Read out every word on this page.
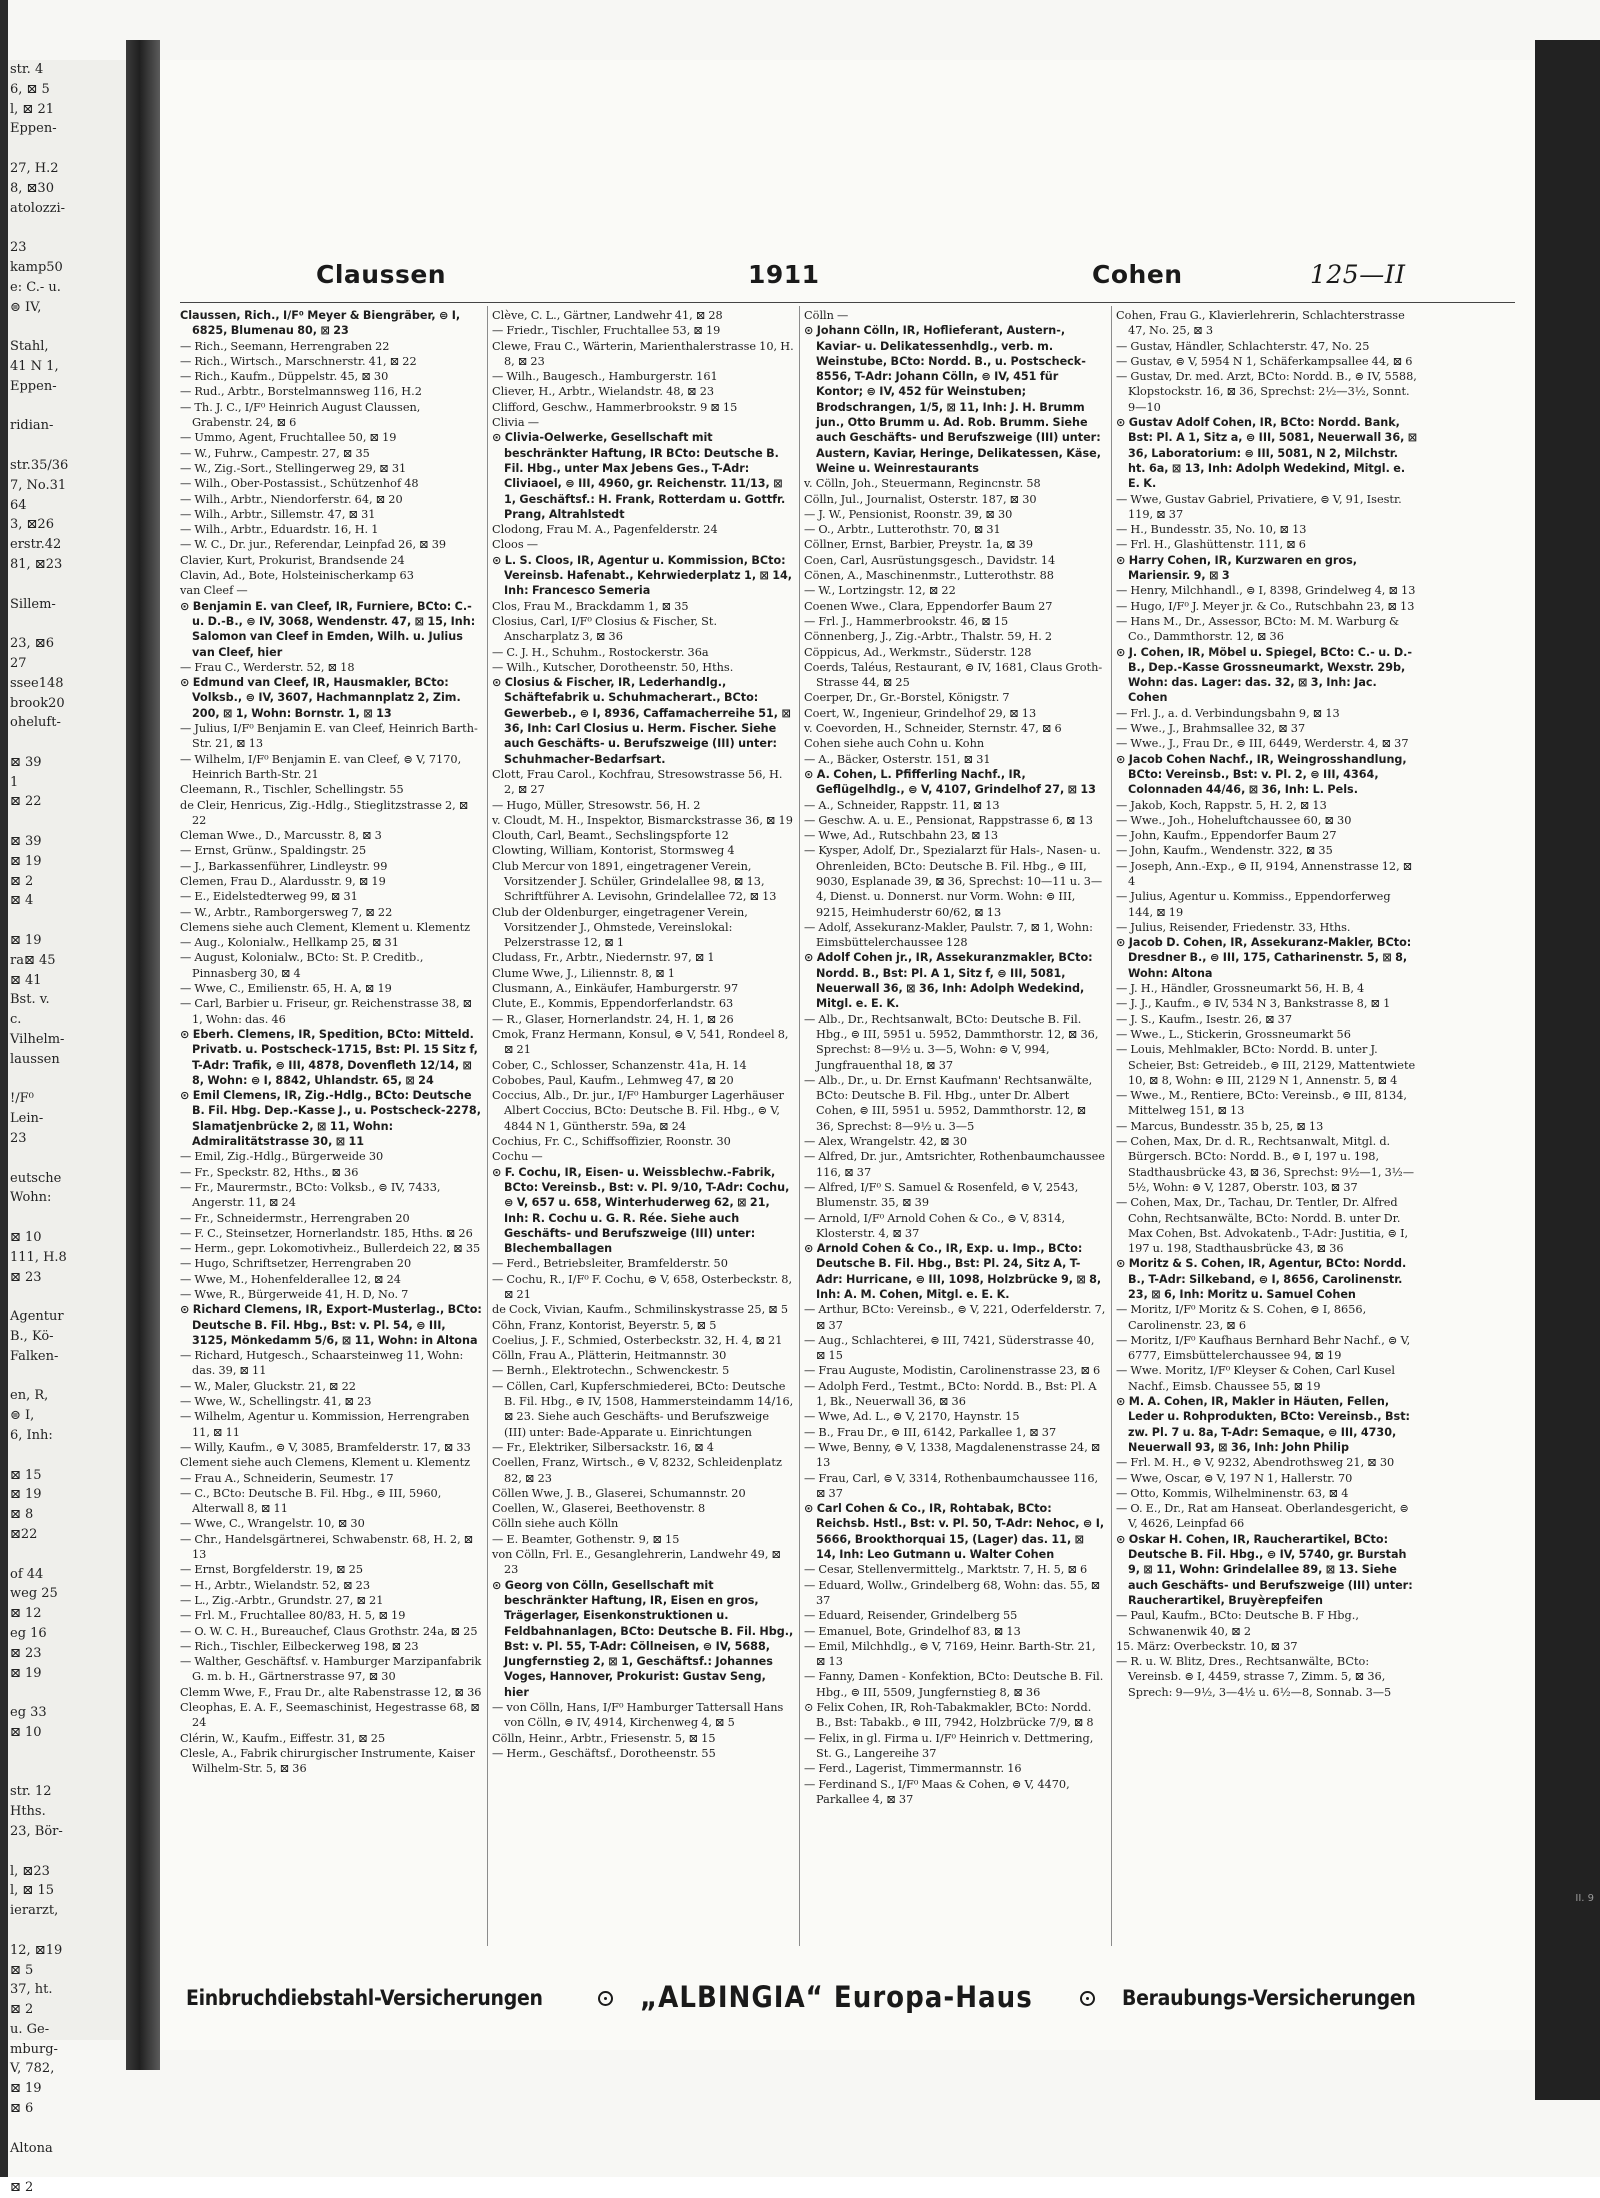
str. 4
6, ⊠ 5
l, ⊠ 21
Eppen-

27, H.2
8, ⊠30
atolozzi-

23
kamp50
e: C.- u.
⊜ IV,

Stahl,
41 N 1,
Eppen-

ridian-

str.35/36
7, No.31
64
3, ⊠26
erstr.42
81, ⊠23

Sillem-

23, ⊠6
27
ssee148
brook20
oheluft-

⊠ 39
1
⊠ 22

⊠ 39
⊠ 19
⊠ 2
⊠ 4

⊠ 19
ra⊠ 45
⊠ 41
Bst. v.
c.
Vilhelm-
laussen

!/F⁰
Lein-
23

eutsche
Wohn:

⊠ 10
111, H.8
⊠ 23

Agentur
B., Kö-
Falken-

en, R,
⊜ I,
6, Inh:

⊠ 15
⊠ 19
⊠ 8
⊠22

of 44
weg 25
⊠ 12
eg 16
⊠ 23
⊠ 19

eg 33
⊠ 10

str. 12
Hths.
23, Bör-

l, ⊠23
l, ⊠ 15
ierarzt,

12, ⊠19
⊠ 5
37, ht.
⊠ 2
u. Ge-
mburg-
V, 782,
⊠ 19
⊠ 6

Altona

⊠ 2
Claussen	1911	Cohen	125—II

Claussen, Rich., I/F⁰ Meyer & Biengräber, ⊜ I, 6825, Blumenau 80, ⊠ 23

— Rich., Seemann, Herrengraben 22

— Rich., Wirtsch., Marschnerstr. 41, ⊠ 22

— Rich., Kaufm., Düppelstr. 45, ⊠ 30

— Rud., Arbtr., Borstelmannsweg 116, H.2

— Th. J. C., I/F⁰ Heinrich August Claussen, Grabenstr. 24, ⊠ 6

— Ummo, Agent, Fruchtallee 50, ⊠ 19

— W., Fuhrw., Campestr. 27, ⊠ 35

— W., Zig.-Sort., Stellingerweg 29, ⊠ 31

— Wilh., Ober-Postassist., Schützenhof 48

— Wilh., Arbtr., Niendorferstr. 64, ⊠ 20

— Wilh., Arbtr., Sillemstr. 47, ⊠ 31

— Wilh., Arbtr., Eduardstr. 16, H. 1

— W. C., Dr. jur., Referendar, Leinpfad 26, ⊠ 39

Clavier, Kurt, Prokurist, Brandsende 24

Clavin, Ad., Bote, Holsteinischerkamp 63

van Cleef —

⊙ Benjamin E. van Cleef, IR, Furniere, BCto: C.- u. D.-B., ⊜ IV, 3068, Wendenstr. 47, ⊠ 15, Inh: Salomon van Cleef in Emden, Wilh. u. Julius van Cleef, hier

— Frau C., Werderstr. 52, ⊠ 18

⊙ Edmund van Cleef, IR, Hausmakler, BCto: Volksb., ⊜ IV, 3607, Hachmannplatz 2, Zim. 200, ⊠ 1, Wohn: Bornstr. 1, ⊠ 13

— Julius, I/F⁰ Benjamin E. van Cleef, Heinrich Barth-Str. 21, ⊠ 13

— Wilhelm, I/F⁰ Benjamin E. van Cleef, ⊜ V, 7170, Heinrich Barth-Str. 21

Cleemann, R., Tischler, Schellingstr. 55

de Cleir, Henricus, Zig.-Hdlg., Stieglitzstrasse 2, ⊠ 22

Cleman Wwe., D., Marcusstr. 8, ⊠ 3

— Ernst, Grünw., Spaldingstr. 25

— J., Barkassenführer, Lindleystr. 99

Clemen, Frau D., Alardusstr. 9, ⊠ 19

— E., Eidelstedterweg 99, ⊠ 31

— W., Arbtr., Ramborgersweg 7, ⊠ 22

Clemens siehe auch Clement, Klement u. Klementz

— Aug., Kolonialw., Hellkamp 25, ⊠ 31

— August, Kolonialw., BCto: St. P. Creditb., Pinnasberg 30, ⊠ 4

— Wwe, C., Emilienstr. 65, H. A, ⊠ 19

— Carl, Barbier u. Friseur, gr. Reichenstrasse 38, ⊠ 1, Wohn: das. 46

⊙ Eberh. Clemens, IR, Spedition, BCto: Mitteld. Privatb. u. Postscheck-1715, Bst: Pl. 15 Sitz f, T-Adr: Trafik, ⊜ III, 4878, Dovenfleth 12/14, ⊠ 8, Wohn: ⊜ I, 8842, Uhlandstr. 65, ⊠ 24

⊙ Emil Clemens, IR, Zig.-Hdlg., BCto: Deutsche B. Fil. Hbg. Dep.-Kasse J., u. Postscheck-2278, Slamatjenbrücke 2, ⊠ 11, Wohn: Admiralitätstrasse 30, ⊠ 11

— Emil, Zig.-Hdlg., Bürgerweide 30

— Fr., Speckstr. 82, Hths., ⊠ 36

— Fr., Maurermstr., BCto: Volksb., ⊜ IV, 7433, Angerstr. 11, ⊠ 24

— Fr., Schneidermstr., Herrengraben 20

— F. C., Steinsetzer, Hornerlandstr. 185, Hths. ⊠ 26

— Herm., gepr. Lokomotivheiz., Bullerdeich 22, ⊠ 35

— Hugo, Schriftsetzer, Herrengraben 20

— Wwe, M., Hohenfelderallee 12, ⊠ 24

— Wwe, R., Bürgerweide 41, H. D, No. 7

⊙ Richard Clemens, IR, Export-Musterlag., BCto: Deutsche B. Fil. Hbg., Bst: v. Pl. 54, ⊜ III, 3125, Mönkedamm 5/6, ⊠ 11, Wohn: in Altona

— Richard, Hutgesch., Schaarsteinweg 11, Wohn: das. 39, ⊠ 11

— W., Maler, Gluckstr. 21, ⊠ 22

— Wwe, W., Schellingstr. 41, ⊠ 23

— Wilhelm, Agentur u. Kommission, Herrengraben 11, ⊠ 11

— Willy, Kaufm., ⊜ V, 3085, Bramfelderstr. 17, ⊠ 33

Clement siehe auch Clemens, Klement u. Klementz

— Frau A., Schneiderin, Seumestr. 17

— C., BCto: Deutsche B. Fil. Hbg., ⊜ III, 5960, Alterwall 8, ⊠ 11

— Wwe, C., Wrangelstr. 10, ⊠ 30

— Chr., Handelsgärtnerei, Schwabenstr. 68, H. 2, ⊠ 13

— Ernst, Borgfelderstr. 19, ⊠ 25

— H., Arbtr., Wielandstr. 52, ⊠ 23

— L., Zig.-Arbtr., Grundstr. 27, ⊠ 21

— Frl. M., Fruchtallee 80/83, H. 5, ⊠ 19

— O. W. C. H., Bureauchef, Claus Grothstr. 24a, ⊠ 25

— Rich., Tischler, Eilbeckerweg 198, ⊠ 23

— Walther, Geschäftsf. v. Hamburger Marzipanfabrik G. m. b. H., Gärtnerstrasse 97, ⊠ 30

Clemm Wwe, F., Frau Dr., alte Rabenstrasse 12, ⊠ 36

Cleophas, E. A. F., Seemaschinist, Hegestrasse 68, ⊠ 24

Clérin, W., Kaufm., Eiffestr. 31, ⊠ 25

Clesle, A., Fabrik chirurgischer Instrumente, Kaiser Wilhelm-Str. 5, ⊠ 36

Clève, C. L., Gärtner, Landwehr 41, ⊠ 28

— Friedr., Tischler, Fruchtallee 53, ⊠ 19

Clewe, Frau C., Wärterin, Marienthalerstrasse 10, H. 8, ⊠ 23

— Wilh., Baugesch., Hamburgerstr. 161

Cliever, H., Arbtr., Wielandstr. 48, ⊠ 23

Clifford, Geschw., Hammerbrookstr. 9 ⊠ 15

Clivia —

⊙ Clivia-Oelwerke, Gesellschaft mit beschränkter Haftung, IR BCto: Deutsche B. Fil. Hbg., unter Max Jebens Ges., T-Adr: Cliviaoel, ⊜ III, 4960, gr. Reichenstr. 11/13, ⊠ 1, Geschäftsf.: H. Frank, Rotterdam u. Gottfr. Prang, Altrahlstedt

Clodong, Frau M. A., Pagenfelderstr. 24

Cloos —

⊙ L. S. Cloos, IR, Agentur u. Kommission, BCto: Vereinsb. Hafenabt., Kehrwiederplatz 1, ⊠ 14, Inh: Francesco Semeria

Clos, Frau M., Brackdamm 1, ⊠ 35

Closius, Carl, I/F⁰ Closius & Fischer, St. Anscharplatz 3, ⊠ 36

— C. J. H., Schuhm., Rostockerstr. 36a

— Wilh., Kutscher, Dorotheenstr. 50, Hths.

⊙ Closius & Fischer, IR, Lederhandlg., Schäftefabrik u. Schuhmacherart., BCto: Gewerbeb., ⊜ I, 8936, Caffamacherreihe 51, ⊠ 36, Inh: Carl Closius u. Herm. Fischer. Siehe auch Geschäfts- u. Berufszweige (III) unter: Schuhmacher-Bedarfsart.

Clott, Frau Carol., Kochfrau, Stresowstrasse 56, H. 2, ⊠ 27

— Hugo, Müller, Stresowstr. 56, H. 2

v. Cloudt, M. H., Inspektor, Bismarckstrasse 36, ⊠ 19

Clouth, Carl, Beamt., Sechslingspforte 12

Clowting, William, Kontorist, Stormsweg 4

Club Mercur von 1891, eingetragener Verein, Vorsitzender J. Schüler, Grindelallee 98, ⊠ 13, Schriftführer A. Levisohn, Grindelallee 72, ⊠ 13

Club der Oldenburger, eingetragener Verein, Vorsitzender J., Ohmstede, Vereinslokal: Pelzerstrasse 12, ⊠ 1

Cludass, Fr., Arbtr., Niedernstr. 97, ⊠ 1

Clume Wwe, J., Liliennstr. 8, ⊠ 1

Clusmann, A., Einkäufer, Hamburgerstr. 97

Clute, E., Kommis, Eppendorferlandstr. 63

— R., Glaser, Hornerlandstr. 24, H. 1, ⊠ 26

Cmok, Franz Hermann, Konsul, ⊜ V, 541, Rondeel 8, ⊠ 21

Cober, C., Schlosser, Schanzenstr. 41a, H. 14

Cobobes, Paul, Kaufm., Lehmweg 47, ⊠ 20

Coccius, Alb., Dr. jur., I/F⁰ Hamburger Lagerhäuser Albert Coccius, BCto: Deutsche B. Fil. Hbg., ⊜ V, 4844 N 1, Güntherstr. 59a, ⊠ 24

Cochius, Fr. C., Schiffsoffizier, Roonstr. 30

Cochu —

⊙ F. Cochu, IR, Eisen- u. Weissblechw.-Fabrik, BCto: Vereinsb., Bst: v. Pl. 9/10, T-Adr: Cochu, ⊜ V, 657 u. 658, Winterhuderweg 62, ⊠ 21, Inh: R. Cochu u. G. R. Rée. Siehe auch Geschäfts- und Berufszweige (III) unter: Blechemballagen

— Ferd., Betriebsleiter, Bramfelderstr. 50

— Cochu, R., I/F⁰ F. Cochu, ⊜ V, 658, Osterbeckstr. 8, ⊠ 21

de Cock, Vivian, Kaufm., Schmilinskystrasse 25, ⊠ 5

Cöhn, Franz, Kontorist, Beyerstr. 5, ⊠ 5

Coelius, J. F., Schmied, Osterbeckstr. 32, H. 4, ⊠ 21

Cölln, Frau A., Plätterin, Heitmannstr. 30

— Bernh., Elektrotechn., Schwenckestr. 5

— Cöllen, Carl, Kupferschmiederei, BCto: Deutsche B. Fil. Hbg., ⊜ IV, 1508, Hammersteindamm 14/16, ⊠ 23. Siehe auch Geschäfts- und Berufszweige (III) unter: Bade-Apparate u. Einrichtungen

— Fr., Elektriker, Silbersackstr. 16, ⊠ 4

Coellen, Franz, Wirtsch., ⊜ V, 8232, Schleidenplatz 82, ⊠ 23

Cöllen Wwe, J. B., Glaserei, Schumannstr. 20

Coellen, W., Glaserei, Beethovenstr. 8

Cölln siehe auch Kölln

— E. Beamter, Gothenstr. 9, ⊠ 15

von Cölln, Frl. E., Gesanglehrerin, Landwehr 49, ⊠ 23

⊙ Georg von Cölln, Gesellschaft mit beschränkter Haftung, IR, Eisen en gros, Trägerlager, Eisenkonstruktionen u. Feldbahnanlagen, BCto: Deutsche B. Fil. Hbg., Bst: v. Pl. 55, T-Adr: Cöllneisen, ⊜ IV, 5688, Jungfernstieg 2, ⊠ 1, Geschäftsf.: Johannes Voges, Hannover, Prokurist: Gustav Seng, hier

— von Cölln, Hans, I/F⁰ Hamburger Tattersall Hans von Cölln, ⊜ IV, 4914, Kirchenweg 4, ⊠ 5

Cölln, Heinr., Arbtr., Friesenstr. 5, ⊠ 15

— Herm., Geschäftsf., Dorotheenstr. 55

Cölln —

⊙ Johann Cölln, IR, Hoflieferant, Austern-, Kaviar- u. Delikatessenhdlg., verb. m. Weinstube, BCto: Nordd. B., u. Postscheck- 8556, T-Adr: Johann Cölln, ⊜ IV, 451 für Kontor; ⊜ IV, 452 für Weinstuben; Brodschrangen, 1/5, ⊠ 11, Inh: J. H. Brumm jun., Otto Brumm u. Ad. Rob. Brumm. Siehe auch Geschäfts- und Berufszweige (III) unter: Austern, Kaviar, Heringe, Delikatessen, Käse, Weine u. Weinrestaurants

v. Cölln, Joh., Steuermann, Regincnstr. 58

Cölln, Jul., Journalist, Osterstr. 187, ⊠ 30

— J. W., Pensionist, Roonstr. 39, ⊠ 30

— O., Arbtr., Lutterothstr. 70, ⊠ 31

Cöllner, Ernst, Barbier, Preystr. 1a, ⊠ 39

Coen, Carl, Ausrüstungsgesch., Davidstr. 14

Cönen, A., Maschinenmstr., Lutterothstr. 88

— W., Lortzingstr. 12, ⊠ 22

Coenen Wwe., Clara, Eppendorfer Baum 27

— Frl. J., Hammerbrookstr. 46, ⊠ 15

Cönnenberg, J., Zig.-Arbtr., Thalstr. 59, H. 2

Cöppicus, Ad., Werkmstr., Süderstr. 128

Coerds, Taléus, Restaurant, ⊜ IV, 1681, Claus Groth-Strasse 44, ⊠ 25

Coerper, Dr., Gr.-Borstel, Königstr. 7

Coert, W., Ingenieur, Grindelhof 29, ⊠ 13

v. Coevorden, H., Schneider, Sternstr. 47, ⊠ 6

Cohen siehe auch Cohn u. Kohn

— A., Bäcker, Osterstr. 151, ⊠ 31

⊙ A. Cohen, L. Pfifferling Nachf., IR, Geflügelhdlg., ⊜ V, 4107, Grindelhof 27, ⊠ 13

— A., Schneider, Rappstr. 11, ⊠ 13

— Geschw. A. u. E., Pensionat, Rappstrasse 6, ⊠ 13

— Wwe, Ad., Rutschbahn 23, ⊠ 13

— Kysper, Adolf, Dr., Spezialarzt für Hals-, Nasen- u. Ohrenleiden, BCto: Deutsche B. Fil. Hbg., ⊜ III, 9030, Esplanade 39, ⊠ 36, Sprechst: 10—11 u. 3—4, Dienst. u. Donnerst. nur Vorm. Wohn: ⊜ III, 9215, Heimhuderstr 60/62, ⊠ 13

— Adolf, Assekuranz-Makler, Paulstr. 7, ⊠ 1, Wohn: Eimsbüttelerchaussee 128

⊙ Adolf Cohen jr., IR, Assekuranzmakler, BCto: Nordd. B., Bst: Pl. A 1, Sitz f, ⊜ III, 5081, Neuerwall 36, ⊠ 36, Inh: Adolph Wedekind, Mitgl. e. E. K.

— Alb., Dr., Rechtsanwalt, BCto: Deutsche B. Fil. Hbg., ⊜ III, 5951 u. 5952, Dammthorstr. 12, ⊠ 36, Sprechst: 8—9½ u. 3—5, Wohn: ⊜ V, 994, Jungfrauenthal 18, ⊠ 37

— Alb., Dr., u. Dr. Ernst Kaufmann' Rechtsanwälte, BCto: Deutsche B. Fil. Hbg., unter Dr. Albert Cohen, ⊜ III, 5951 u. 5952, Dammthorstr. 12, ⊠ 36, Sprechst: 8—9½ u. 3—5

— Alex, Wrangelstr. 42, ⊠ 30

— Alfred, Dr. jur., Amtsrichter, Rothenbaumchaussee 116, ⊠ 37

— Alfred, I/F⁰ S. Samuel & Rosenfeld, ⊜ V, 2543, Blumenstr. 35, ⊠ 39

— Arnold, I/F⁰ Arnold Cohen & Co., ⊜ V, 8314, Klosterstr. 4, ⊠ 37

⊙ Arnold Cohen & Co., IR, Exp. u. Imp., BCto: Deutsche B. Fil. Hbg., Bst: Pl. 24, Sitz A, T-Adr: Hurricane, ⊜ III, 1098, Holzbrücke 9, ⊠ 8, Inh: A. M. Cohen, Mitgl. e. E. K.

— Arthur, BCto: Vereinsb., ⊜ V, 221, Oderfelderstr. 7, ⊠ 37

— Aug., Schlachterei, ⊜ III, 7421, Süderstrasse 40, ⊠ 15

— Frau Auguste, Modistin, Carolinenstrasse 23, ⊠ 6

— Adolph Ferd., Testmt., BCto: Nordd. B., Bst: Pl. A 1, Bk., Neuerwall 36, ⊠ 36

— Wwe, Ad. L., ⊜ V, 2170, Haynstr. 15

— B., Frau Dr., ⊜ III, 6142, Parkallee 1, ⊠ 37

— Wwe, Benny, ⊜ V, 1338, Magdalenenstrasse 24, ⊠ 13

— Frau, Carl, ⊜ V, 3314, Rothenbaumchaussee 116, ⊠ 37

⊙ Carl Cohen & Co., IR, Rohtabak, BCto: Reichsb. Hstl., Bst: v. Pl. 50, T-Adr: Nehoc, ⊜ I, 5666, Brookthorquai 15, (Lager) das. 11, ⊠ 14, Inh: Leo Gutmann u. Walter Cohen

— Cesar, Stellenvermittelg., Marktstr. 7, H. 5, ⊠ 6

— Eduard, Wollw., Grindelberg 68, Wohn: das. 55, ⊠ 37

— Eduard, Reisender, Grindelberg 55

— Emanuel, Bote, Grindelhof 83, ⊠ 13

— Emil, Milchhdlg., ⊜ V, 7169, Heinr. Barth-Str. 21, ⊠ 13

— Fanny, Damen - Konfektion, BCto: Deutsche B. Fil. Hbg., ⊜ III, 5509, Jungfernstieg 8, ⊠ 36

⊙ Felix Cohen, IR, Roh-Tabakmakler, BCto: Nordd. B., Bst: Tabakb., ⊜ III, 7942, Holzbrücke 7/9, ⊠ 8

— Felix, in gl. Firma u. I/F⁰ Heinrich v. Dettmering, St. G., Langereihe 37

— Ferd., Lagerist, Timmermannstr. 16

— Ferdinand S., I/F⁰ Maas & Cohen, ⊜ V, 4470, Parkallee 4, ⊠ 37

Cohen, Frau G., Klavierlehrerin, Schlachterstrasse 47, No. 25, ⊠ 3

— Gustav, Händler, Schlachterstr. 47, No. 25

— Gustav, ⊜ V, 5954 N 1, Schäferkampsallee 44, ⊠ 6

— Gustav, Dr. med. Arzt, BCto: Nordd. B., ⊜ IV, 5588, Klopstockstr. 16, ⊠ 36, Sprechst: 2½—3½, Sonnt. 9—10

⊙ Gustav Adolf Cohen, IR, BCto: Nordd. Bank, Bst: Pl. A 1, Sitz a, ⊜ III, 5081, Neuerwall 36, ⊠ 36, Laboratorium: ⊜ III, 5081, N 2, Milchstr. ht. 6a, ⊠ 13, Inh: Adolph Wedekind, Mitgl. e. E. K.

— Wwe, Gustav Gabriel, Privatiere, ⊜ V, 91, Isestr. 119, ⊠ 37

— H., Bundesstr. 35, No. 10, ⊠ 13

— Frl. H., Glashüttenstr. 111, ⊠ 6

⊙ Harry Cohen, IR, Kurzwaren en gros, Mariensir. 9, ⊠ 3

— Henry, Milchhandl., ⊜ I, 8398, Grindelweg 4, ⊠ 13

— Hugo, I/F⁰ J. Meyer jr. & Co., Rutschbahn 23, ⊠ 13

— Hans M., Dr., Assessor, BCto: M. M. Warburg & Co., Dammthorstr. 12, ⊠ 36

⊙ J. Cohen, IR, Möbel u. Spiegel, BCto: C.- u. D.-B., Dep.-Kasse Grossneumarkt, Wexstr. 29b, Wohn: das. Lager: das. 32, ⊠ 3, Inh: Jac. Cohen

— Frl. J., a. d. Verbindungsbahn 9, ⊠ 13

— Wwe., J., Brahmsallee 32, ⊠ 37

— Wwe., J., Frau Dr., ⊜ III, 6449, Werderstr. 4, ⊠ 37

⊙ Jacob Cohen Nachf., IR, Weingrosshandlung, BCto: Vereinsb., Bst: v. Pl. 2, ⊜ III, 4364, Colonnaden 44/46, ⊠ 36, Inh: L. Pels.

— Jakob, Koch, Rappstr. 5, H. 2, ⊠ 13

— Wwe., Joh., Hoheluftchaussee 60, ⊠ 30

— John, Kaufm., Eppendorfer Baum 27

— John, Kaufm., Wendenstr. 322, ⊠ 35

— Joseph, Ann.-Exp., ⊜ II, 9194, Annenstrasse 12, ⊠ 4

— Julius, Agentur u. Kommiss., Eppendorferweg 144, ⊠ 19

— Julius, Reisender, Friedenstr. 33, Hths.

⊙ Jacob D. Cohen, IR, Assekuranz-Makler, BCto: Dresdner B., ⊜ III, 175, Catharinenstr. 5, ⊠ 8, Wohn: Altona

— J. H., Händler, Grossneumarkt 56, H. B, 4

— J. J., Kaufm., ⊜ IV, 534 N 3, Bankstrasse 8, ⊠ 1

— J. S., Kaufm., Isestr. 26, ⊠ 37

— Wwe., L., Stickerin, Grossneumarkt 56

— Louis, Mehlmakler, BCto: Nordd. B. unter J. Scheier, Bst: Getreideb., ⊜ III, 2129, Mattentwiete 10, ⊠ 8, Wohn: ⊜ III, 2129 N 1, Annenstr. 5, ⊠ 4

— Wwe., M., Rentiere, BCto: Vereinsb., ⊜ III, 8134, Mittelweg 151, ⊠ 13

— Marcus, Bundesstr. 35 b, 25, ⊠ 13

— Cohen, Max, Dr. d. R., Rechtsanwalt, Mitgl. d. Bürgersch. BCto: Nordd. B., ⊜ I, 197 u. 198, Stadthausbrücke 43, ⊠ 36, Sprechst: 9½—1, 3½—5½, Wohn: ⊜ V, 1287, Oberstr. 103, ⊠ 37

— Cohen, Max, Dr., Tachau, Dr. Tentler, Dr. Alfred Cohn, Rechtsanwälte, BCto: Nordd. B. unter Dr. Max Cohen, Bst. Advokatenb., T-Adr: Justitia, ⊜ I, 197 u. 198, Stadthausbrücke 43, ⊠ 36

⊙ Moritz & S. Cohen, IR, Agentur, BCto: Nordd. B., T-Adr: Silkeband, ⊜ I, 8656, Carolinenstr. 23, ⊠ 6, Inh: Moritz u. Samuel Cohen

— Moritz, I/F⁰ Moritz & S. Cohen, ⊜ I, 8656, Carolinenstr. 23, ⊠ 6

— Moritz, I/F⁰ Kaufhaus Bernhard Behr Nachf., ⊜ V, 6777, Eimsbüttelerchaussee 94, ⊠ 19

— Wwe. Moritz, I/F⁰ Kleyser & Cohen, Carl Kusel Nachf., Eimsb. Chaussee 55, ⊠ 19

⊙ M. A. Cohen, IR, Makler in Häuten, Fellen, Leder u. Rohprodukten, BCto: Vereinsb., Bst: zw. Pl. 7 u. 8a, T-Adr: Semaque, ⊜ III, 4730, Neuerwall 93, ⊠ 36, Inh: John Philip

— Frl. M. H., ⊜ V, 9232, Abendrothsweg 21, ⊠ 30

— Wwe, Oscar, ⊜ V, 197 N 1, Hallerstr. 70

— Otto, Kommis, Wilhelminenstr. 63, ⊠ 4

— O. E., Dr., Rat am Hanseat. Oberlandesgericht, ⊜ V, 4626, Leinpfad 66

⊙ Oskar H. Cohen, IR, Raucherartikel, BCto: Deutsche B. Fil. Hbg., ⊜ IV, 5740, gr. Burstah 9, ⊠ 11, Wohn: Grindelallee 89, ⊠ 13. Siehe auch Geschäfts- und Berufszweige (III) unter: Raucherartikel, Bruyèrepfeifen

— Paul, Kaufm., BCto: Deutsche B. F Hbg., Schwanenwik 40, ⊠ 2

15. März: Overbeckstr. 10, ⊠ 37

— R. u. W. Blitz, Dres., Rechtsanwälte, BCto: Vereinsb. ⊜ I, 4459, strasse 7, Zimm. 5, ⊠ 36, Sprech: 9—9½, 3—4½ u. 6½—8, Sonnab. 3—5

Einbruchdiebstahl-Versicherungen	„ALBINGIA“ Europa-Haus	Beraubungs-Versicherungen
II. 9
